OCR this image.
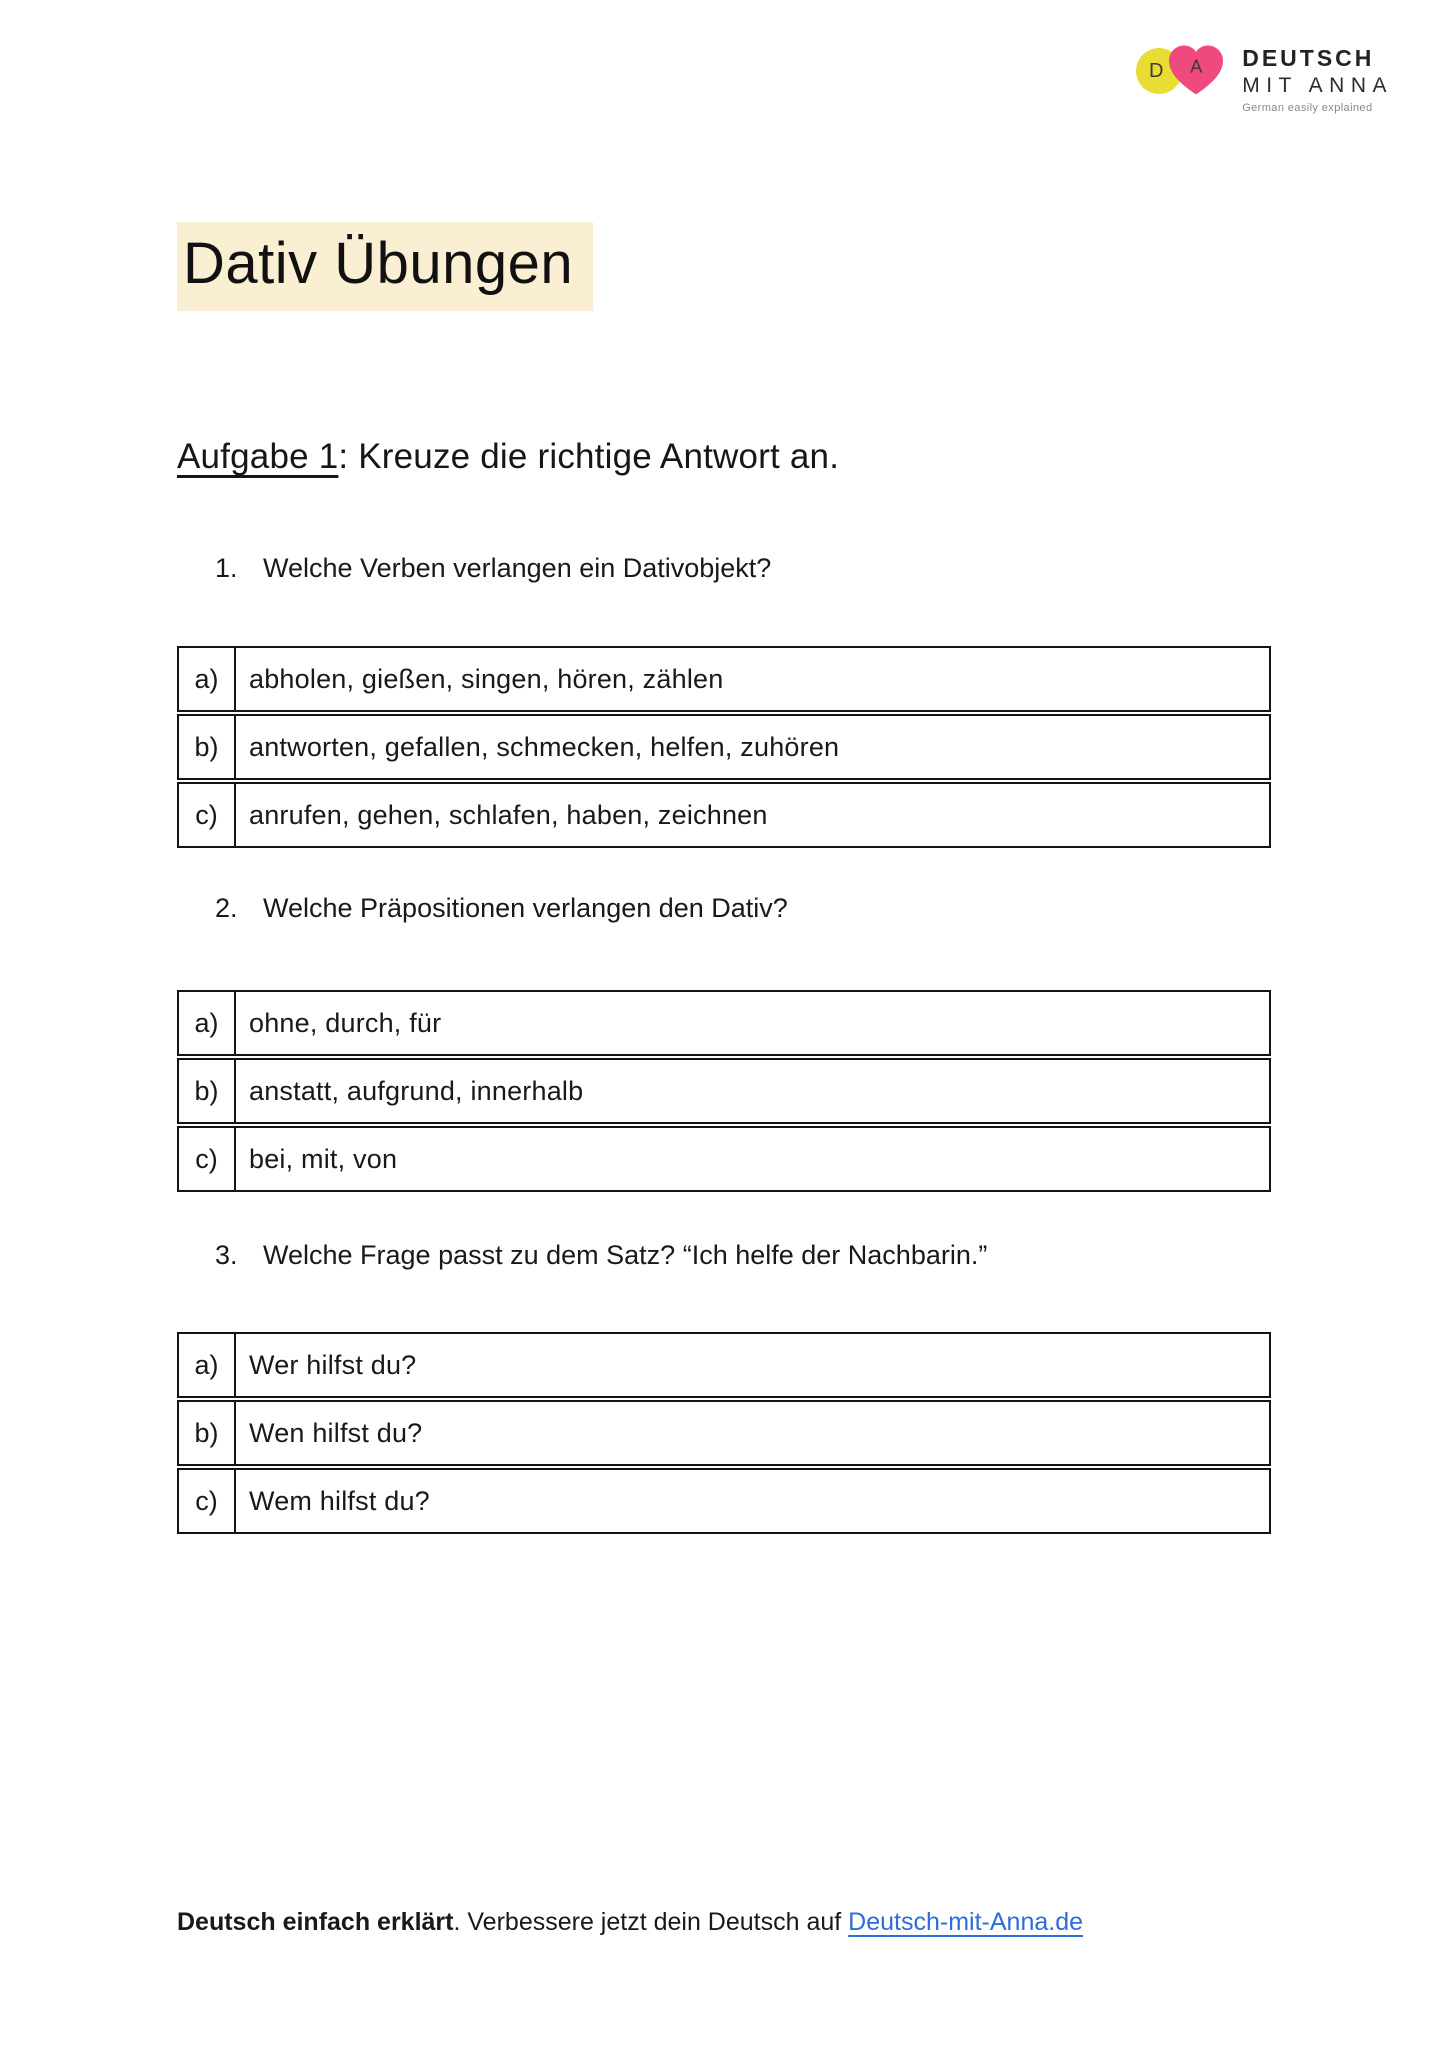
D	A DEUTSCH
MIT ANNA
German easily explained
Dativ Übungen
Aufgabe 1: Kreuze die richtige Antwort an.
1. Welche Verben verlangen ein Dativobjekt?
a)	abholen, gießen, singen, hören, zählen
b)	antworten, gefallen, schmecken, helfen, zuhören
c)	anrufen, gehen, schlafen, haben, zeichnen
2. Welche Präpositionen verlangen den Dativ?
a)	ohne, durch, für
b)	anstatt, aufgrund, innerhalb
c)	bei, mit, von
3. Welche Frage passt zu dem Satz? “Ich helfe der Nachbarin.”
a)	Wer hilfst du?
b)	Wen hilfst du?
c)	Wem hilfst du?
Deutsch einfach erklärt. Verbessere jetzt dein Deutsch auf Deutsch-mit-Anna.de
